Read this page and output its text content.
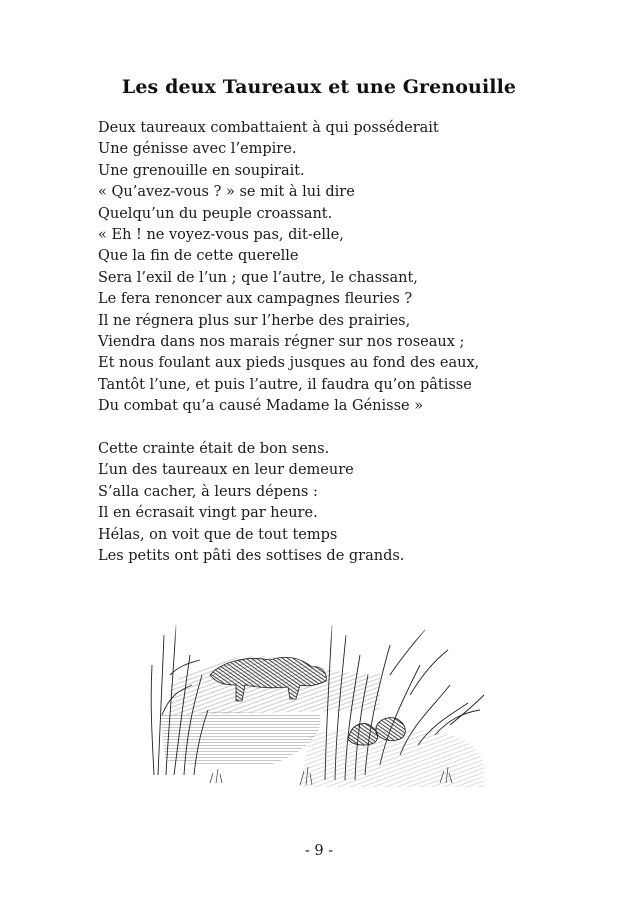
Les deux Taureaux et une Grenouille
Deux taureaux combattaient à qui posséderait
Une génisse avec l’empire.
Une grenouille en soupirait.
« Qu’avez-vous ? » se mit à lui dire
Quelqu’un du peuple croassant.
« Eh ! ne voyez-vous pas, dit-elle,
Que la fin de cette querelle
Sera l’exil de l’un ; que l’autre, le chassant,
Le fera renoncer aux campagnes fleuries ?
Il ne régnera plus sur l’herbe des prairies,
Viendra dans nos marais régner sur nos roseaux ;
Et nous foulant aux pieds jusques au fond des eaux,
Tantôt l’une, et puis l’autre, il faudra qu’on pâtisse
Du combat qu’a causé Madame la Génisse »
Cette crainte était de bon sens.
L’un des taureaux en leur demeure
S’alla cacher, à leurs dépens :
Il en écrasait vingt par heure.
Hélas, on voit que de tout temps
Les petits ont pâti des sottises de grands.
- 9 -
